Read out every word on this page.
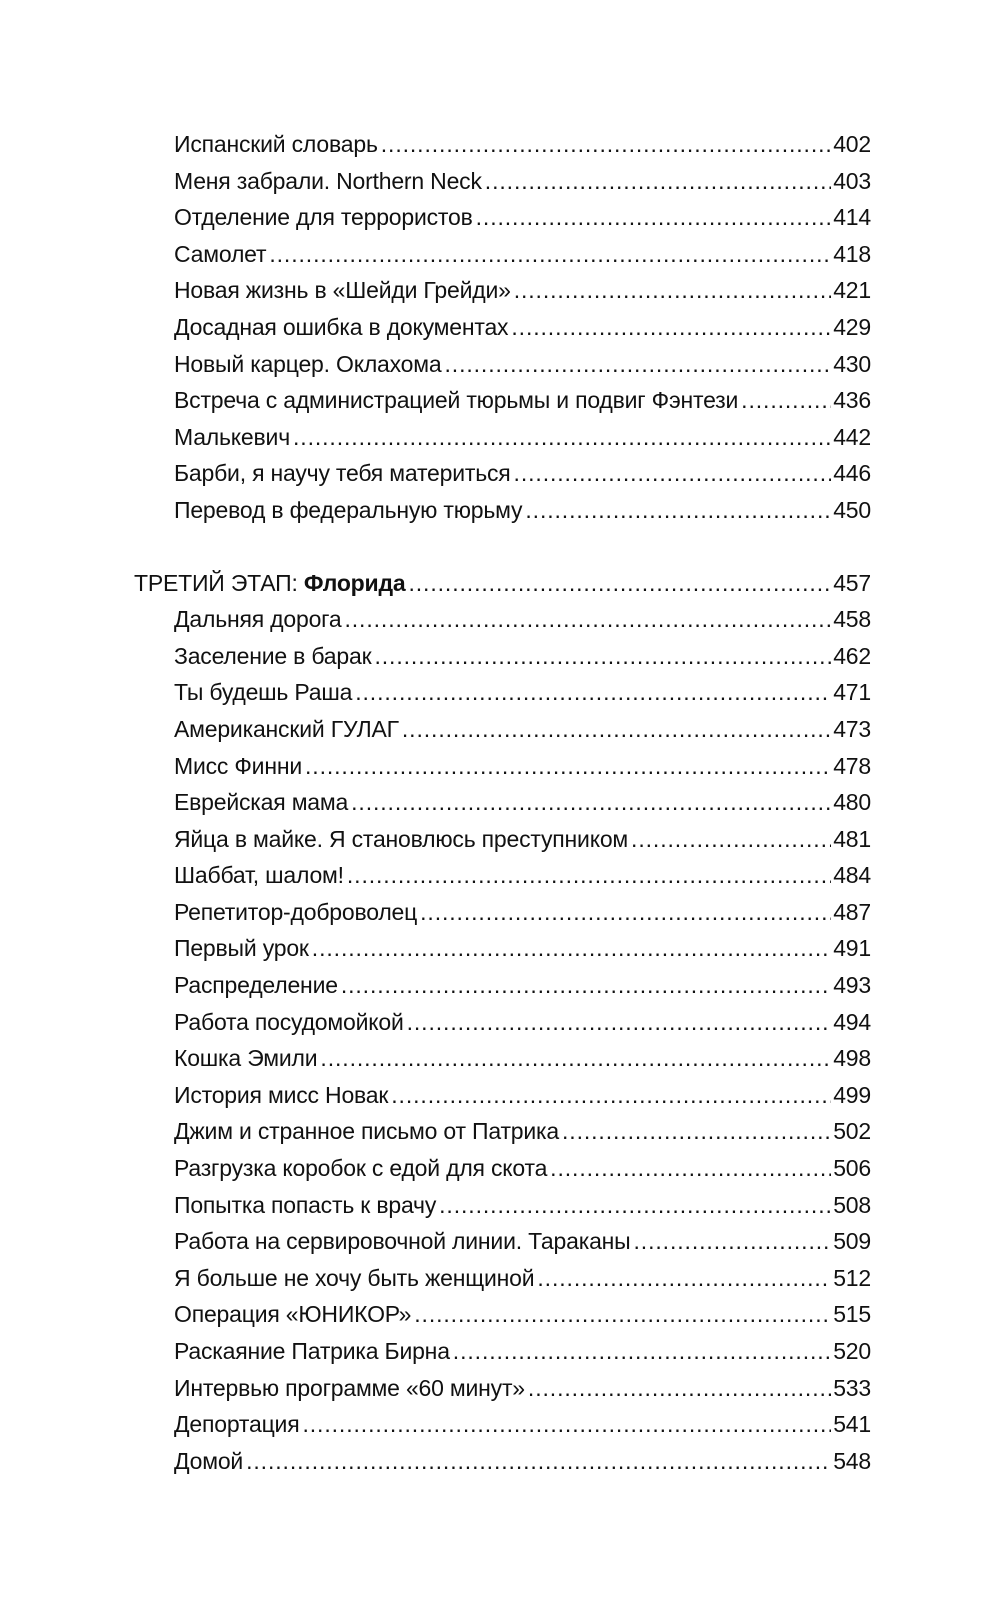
Испанский словарь .....	402
Меня забрали. Northern Neck .....	403
Отделение для террористов .....	414
Самолет .....	418
Новая жизнь в «Шейди Грейди» .....	421
Досадная ошибка в документах .....	429
Новый карцер. Оклахома .....	430
Встреча с администрацией тюрьмы и подвиг Фэнтези .....	436
Малькевич .....	442
Барби, я научу тебя материться .....	446
Перевод в федеральную тюрьму .....	450
ТРЕТИЙ ЭТАП: Флорида .....	457
Дальняя дорога .....	458
Заселение в барак .....	462
Ты будешь Раша .....	471
Американский ГУЛАГ .....	473
Мисс Финни .....	478
Еврейская мама .....	480
Яйца в майке. Я становлюсь преступником .....	481
Шаббат, шалом! .....	484
Репетитор-доброволец .....	487
Первый урок .....	491
Распределение .....	493
Работа посудомойкой .....	494
Кошка Эмили .....	498
История мисс Новак .....	499
Джим и странное письмо от Патрика .....	502
Разгрузка коробок с едой для скота .....	506
Попытка попасть к врачу .....	508
Работа на сервировочной линии. Тараканы .....	509
Я больше не хочу быть женщиной .....	512
Операция «ЮНИКОР» .....	515
Раскаяние Патрика Бирна .....	520
Интервью программе «60 минут» .....	533
Депортация .....	541
Домой .....	548
